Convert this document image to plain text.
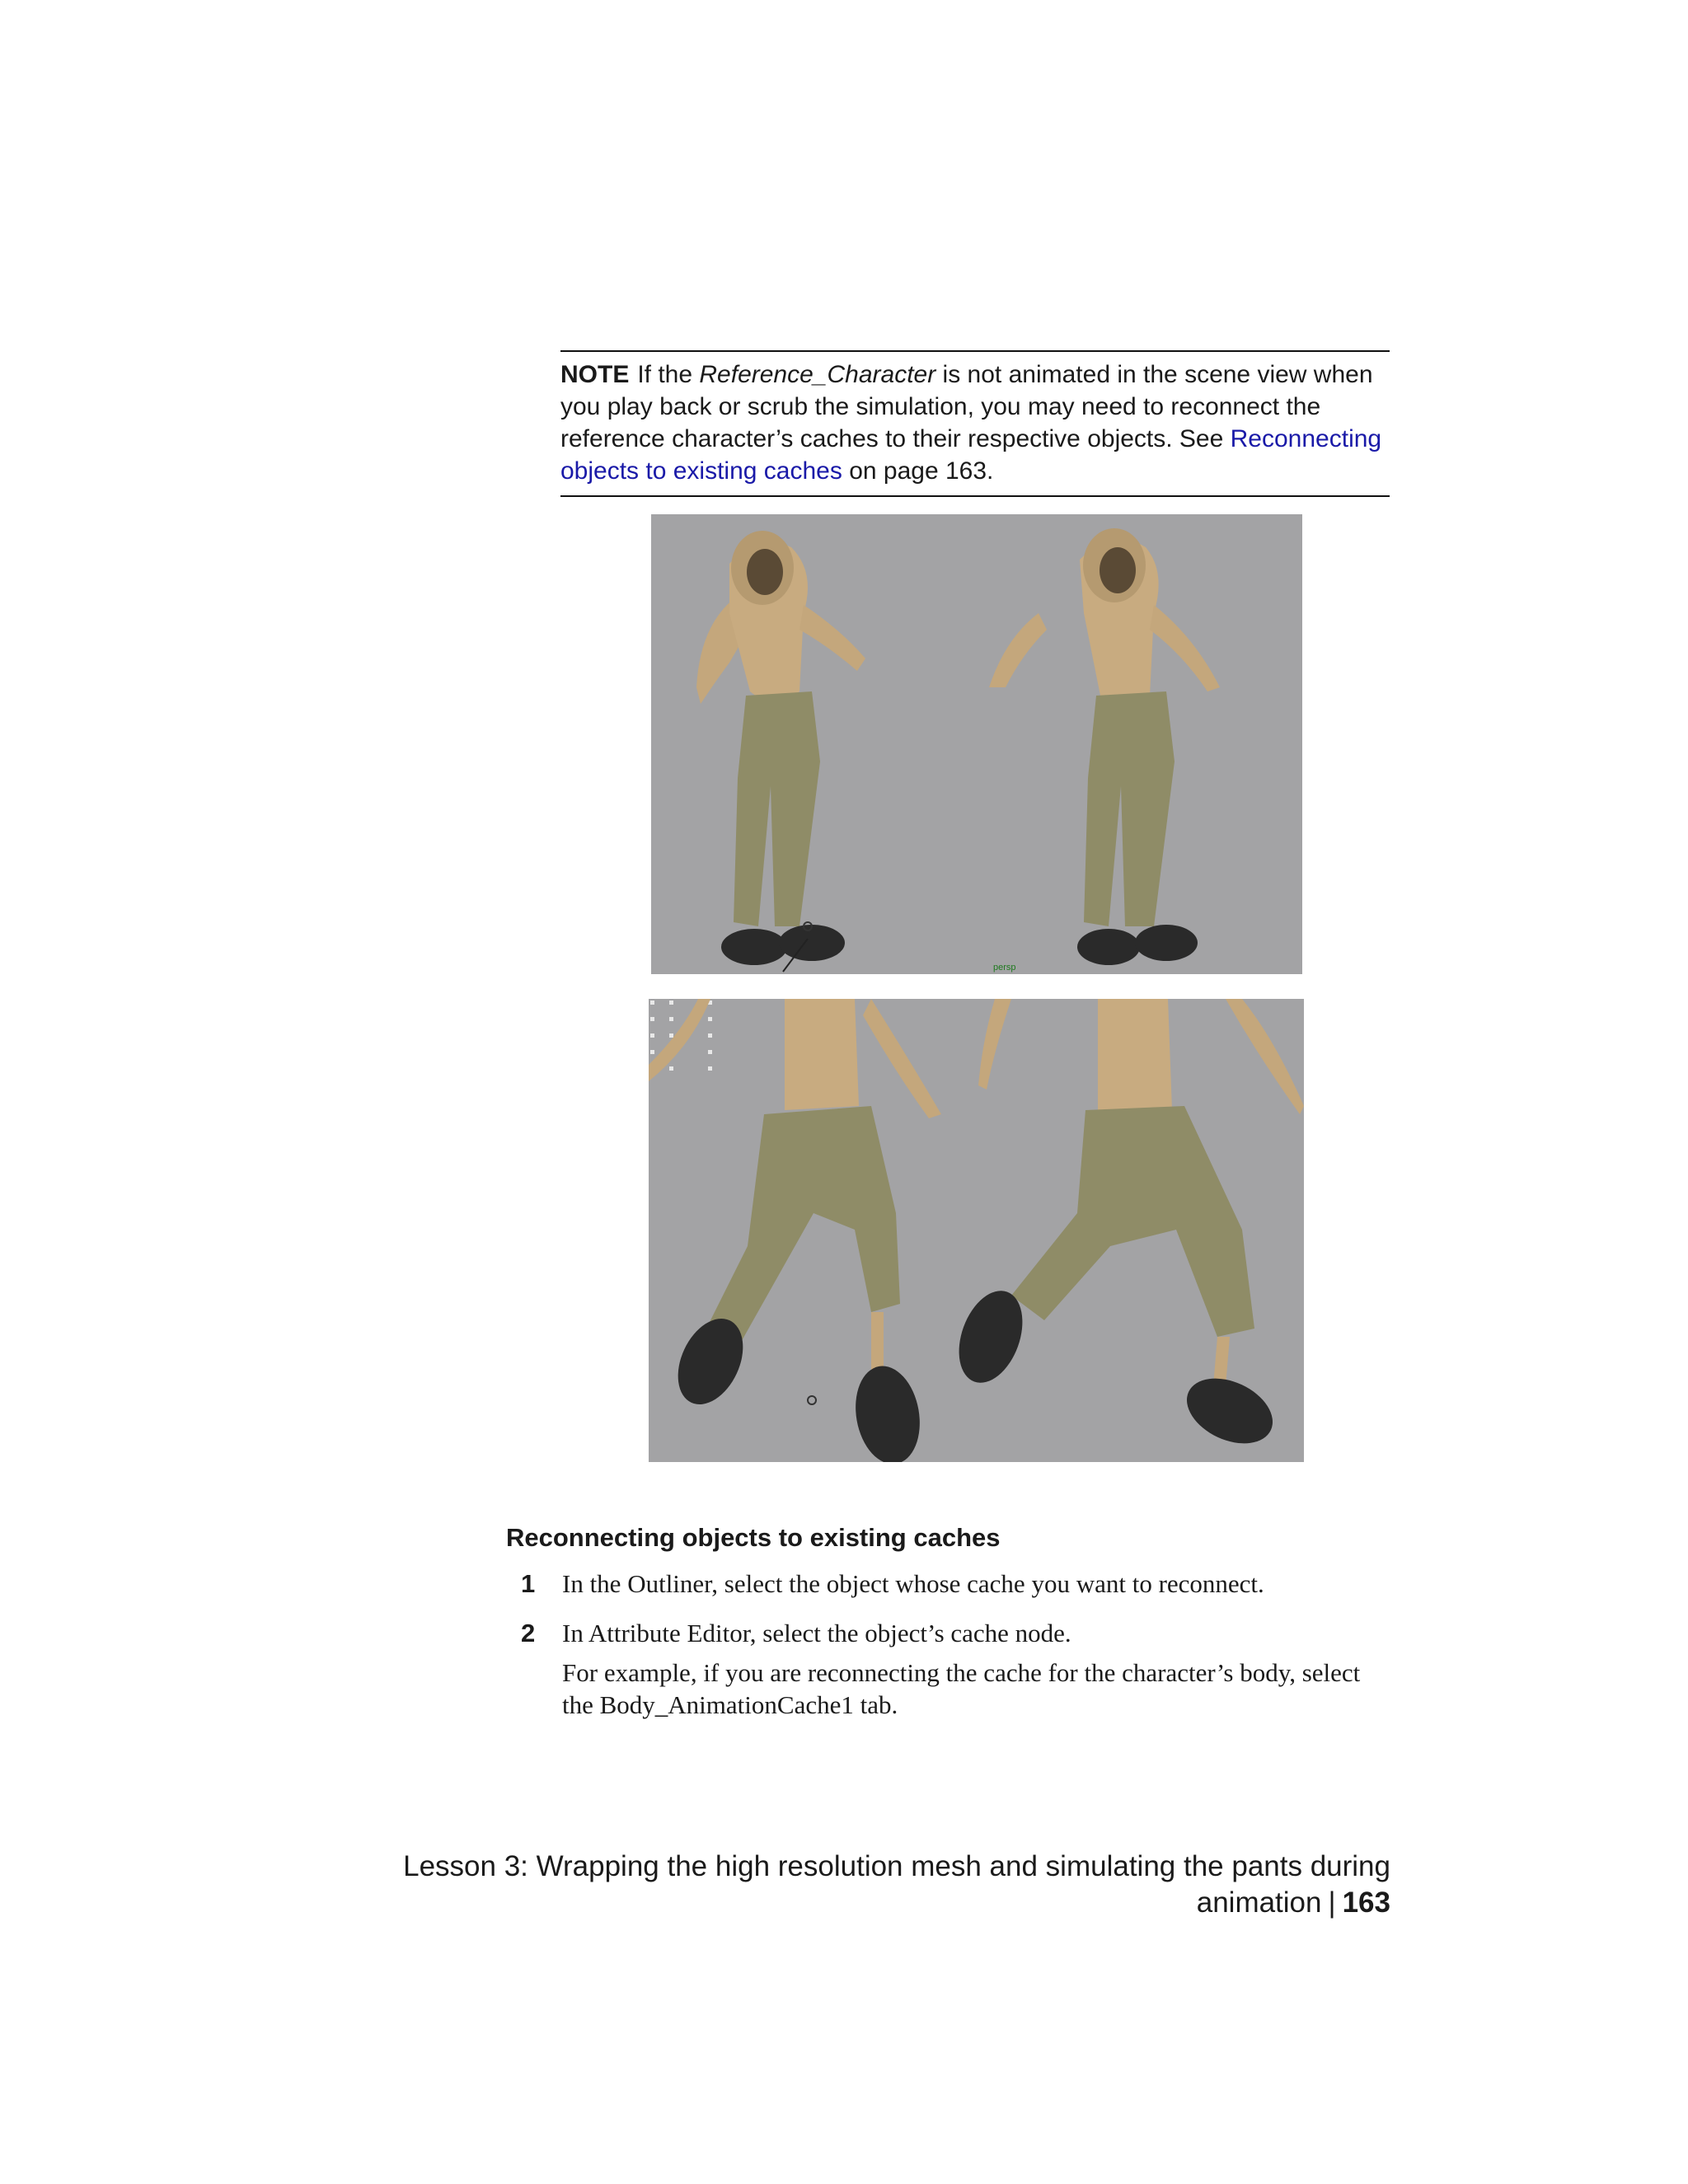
NOTE If the Reference_Character is not animated in the scene view when you play back or scrub the simulation, you may need to reconnect the reference character’s caches to their respective objects. See Reconnecting objects to existing caches on page 163.
persp
Reconnecting objects to existing caches
1 In the Outliner, select the object whose cache you want to reconnect.
2 In Attribute Editor, select the object’s cache node.
For example, if you are reconnecting the cache for the character’s body, select the Body_AnimationCache1 tab.
Lesson 3: Wrapping the high resolution mesh and simulating the pants during animation | 163
